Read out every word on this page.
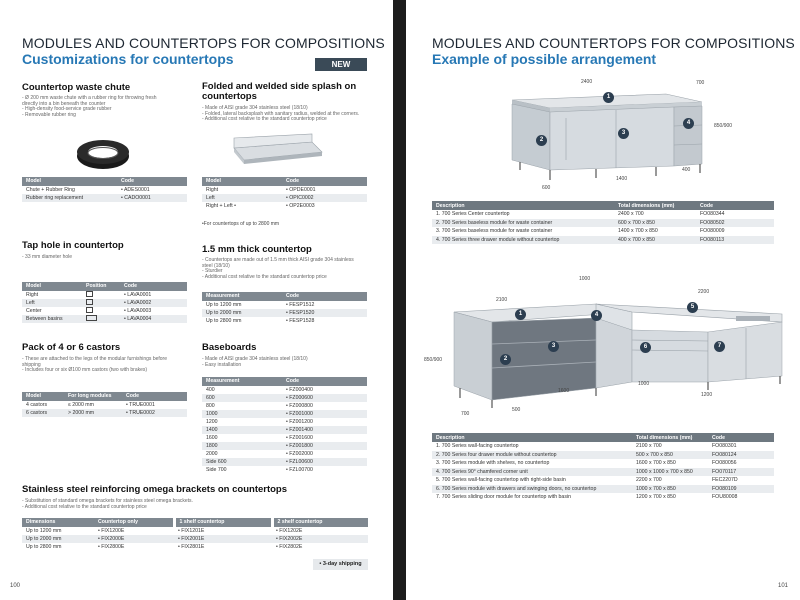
MODULES AND COUNTERTOPS FOR COMPOSITIONS
Customizations for countertops	NEW
Countertop waste chute
- Ø 200 mm waste chute with a rubber ring for throwing fresh
directly into a bin beneath the counter
- High-density food-service grade rubber
- Removable rubber ring
Model	Code
Chute + Rubber Ring	• ADES0001
Rubber ring replacement	• CADO0001
Folded and welded side splash on
countertops
- Made of AISI grade 304 stainless steel (18/10)
- Folded, lateral backsplash with sanitary radius, welded at the corners.
- Additional cost relative to the standard countertop price
Model	Code
Right	• OPDE0001
Left	• OPIC0002
Right + Left •	• OP2E0003
•For countertops of up to 2800 mm
Tap hole in countertop
- 33 mm diameter hole
Model	Position	Code
Right		• LAVA0001
Left		• LAVA0002
Center		• LAVA0003
Between basins		• LAVA0004
1.5 mm thick countertop
- Countertops are made out of 1.5 mm thick AISI grade 304 stainless
steel (18/10)
- Sturdier
- Additional cost relative to the standard countertop price
Measurement	Code
Up to 1200 mm	• FESP1512
Up to 2000 mm	• FESP1520
Up to 2800 mm	• FESP1528
Pack of 4 or 6 castors
- These are attached to the legs of the modular furnishings before
shipping
- Includes four or six Ø100 mm castors (two with brakes)
Model	For long modules	Code
4 castors	≤ 2000 mm	• TRUE0001
6 castors	> 2000 mm	• TRUE0002
Baseboards
- Made of AISI grade 304 stainless steel (18/10)
- Easy installation
Measurement	Code
400	• FZ000400
600	• FZ000600
800	• FZ000800
1000	• FZ001000
1200	• FZ001200
1400	• FZ001400
1600	• FZ001600
1800	• FZ001800
2000	• FZ002000
Side 600	• FZL00600
Side 700	• FZL00700
Stainless steel reinforcing omega brackets on countertops
- Substitution of standard omega brackets for stainless steel omega brackets.
- Additional cost relative to the standard countertop price
Dimensions	Countertop only	1 shelf countertop	2 shelf countertop
Up to 1200 mm	• FIX1200E	• FIX1201E	• FIX1202E
Up to 2000 mm	• FIX2000E	• FIX2001E	• FIX2002E
Up to 2800 mm	• FIX2800E	• FIX2801E	• FIX2802E
• 3-day shipping
100
MODULES AND COUNTERTOPS FOR COMPOSITIONS
Example of possible arrangement
2400	700
850/900
600
1400
400
1
2
3
4
Description	Total dimensions (mm)	Code
1. 700 Series Center countertop	2400 x 700	FO080344
2. 700 Series baseless module for waste container	600 x 700 x 850	FO080502
3. 700 Series baseless module for waste container	1400 x 700 x 850	FO080009
4. 700 Series three drawer module without countertop	400 x 700 x 850	FO080113
1000
2100
2200
850/900
1600
1000
1200
700
500
1
2
3
4
5
6	7
Description	Total dimensions (mm)	Code
1. 700 Series wall-facing countertop	2100 x 700	FO080301
2. 700 Series four drawer module without countertop	500 x 700 x 850	FO080124
3. 700 Series module with shelves, no countertop	1600 x 700 x 850	FO080056
4. 700 Series 90° chamfered corner unit	1000 x 1000 x 700 x 850	FO070117
5. 700 Series wall-facing countertop with right-side basin	2200 x 700	FEC2207D
6. 700 Series module with drawers and swinging doors, no countertop	1000 x 700 x 850	FO080109
7. 700 Series sliding door module for countertop with basin	1200 x 700 x 850	FOU80008
101
